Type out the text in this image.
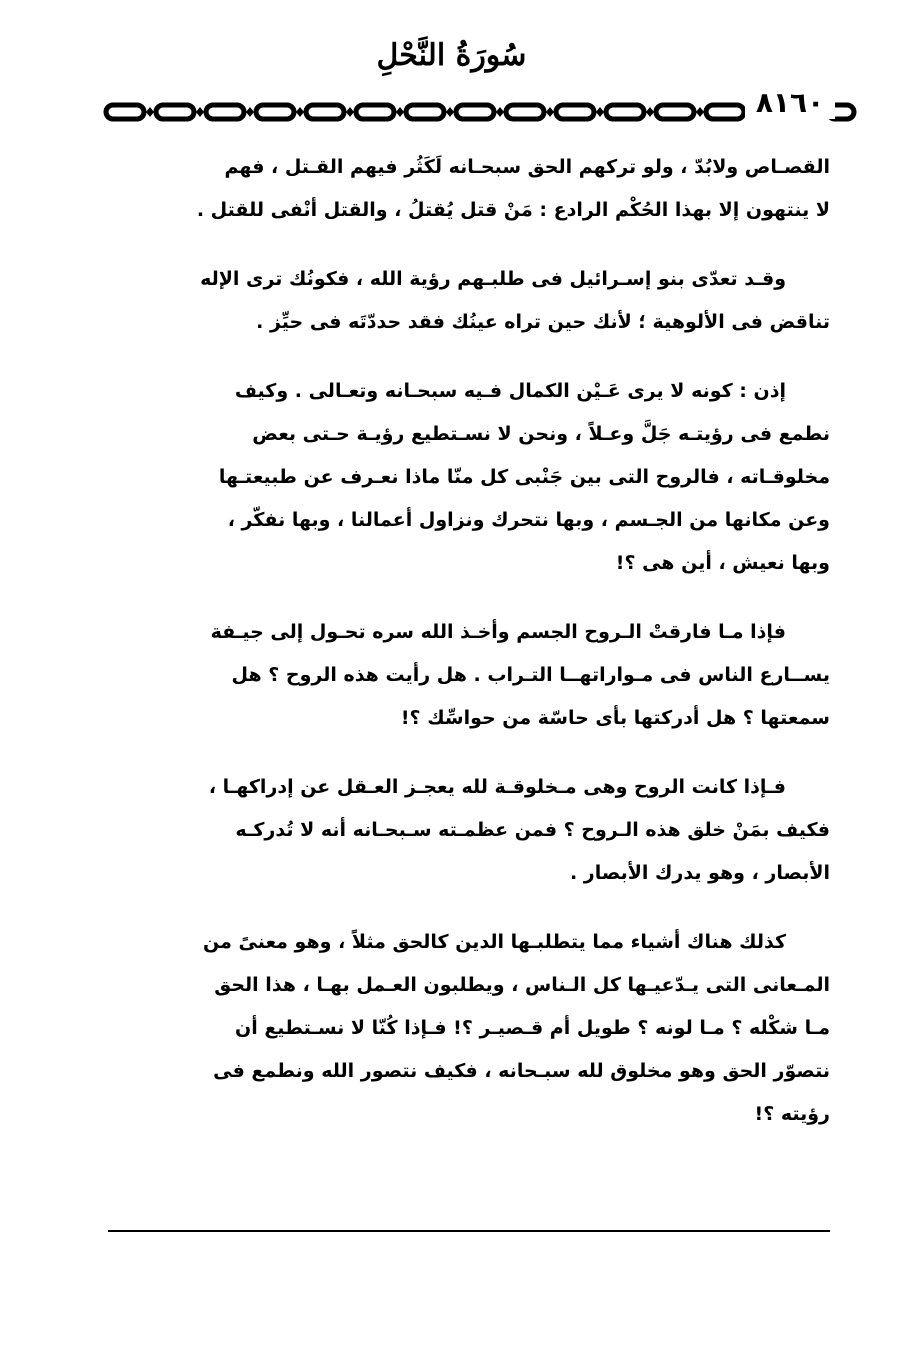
سُورَةُ النَّحْلِ
٨١٦٠
القصـاص ولابُدّ ، ولو تركهم الحق سبحـانه لَكَثُر فيهم القـتل ، فهم
لا ينتهون إلا بهذا الحُكْم الرادع : مَنْ قتل يُقتلُ ، والقتل أنْفى للقتل .
وقـد تعدّى بنو إسـرائيل فى طلبـهم رؤية الله ، فكونُك ترى الإله
تناقض فى الألوهية ؛ لأنك حين تراه عينُك فقد حددّتَه فى حيِّز .
إذن : كونه لا يرى عَـيْن الكمال فـيه سبحـانه وتعـالى . وكيف
نطمع فى رؤيتـه جَلَّ وعـلاً ، ونحن لا نسـتطيع رؤيـة حـتى بعض
مخلوقـاته ، فالروح التى بين جَنْبى كل منّا ماذا نعـرف عن طبيعتـها
وعن مكانها من الجـسم ، وبها نتحرك ونزاول أعمالنا ، وبها نفكّر ،
وبها نعيش ، أين هى ؟!
فإذا مـا فارقتْ الـروح الجسم وأخـذ الله سره تحـول إلى جيـفة
يســارع الناس فى مـواراتهــا التـراب . هل رأيت هذه الروح ؟ هل
سمعتها ؟ هل أدركتها بأى حاسّة من حواسِّك ؟!
فـإذا كانت الروح وهى مـخلوقـة لله يعجـز العـقل عن إدراكهـا ،
فكيف بمَنْ خلق هذه الـروح ؟ فمن عظمـته سـبحـانه أنه لا تُدركـه
الأبصار ، وهو يدرك الأبصار .
كذلك هناك أشياء مما يتطلبـها الدين كالحق مثلاً ، وهو معنىً من
المـعانى التى يـدّعيـها كل الـناس ، ويطلبون العـمل بهـا ، هذا الحق
مـا شكْله ؟ مـا لونه ؟ طويل أم قـصيـر ؟! فـإذا كُنّا لا نسـتطيع أن
نتصوّر الحق وهو مخلوق لله سبـحانه ، فكيف نتصور الله ونطمع فى
رؤيته ؟!
